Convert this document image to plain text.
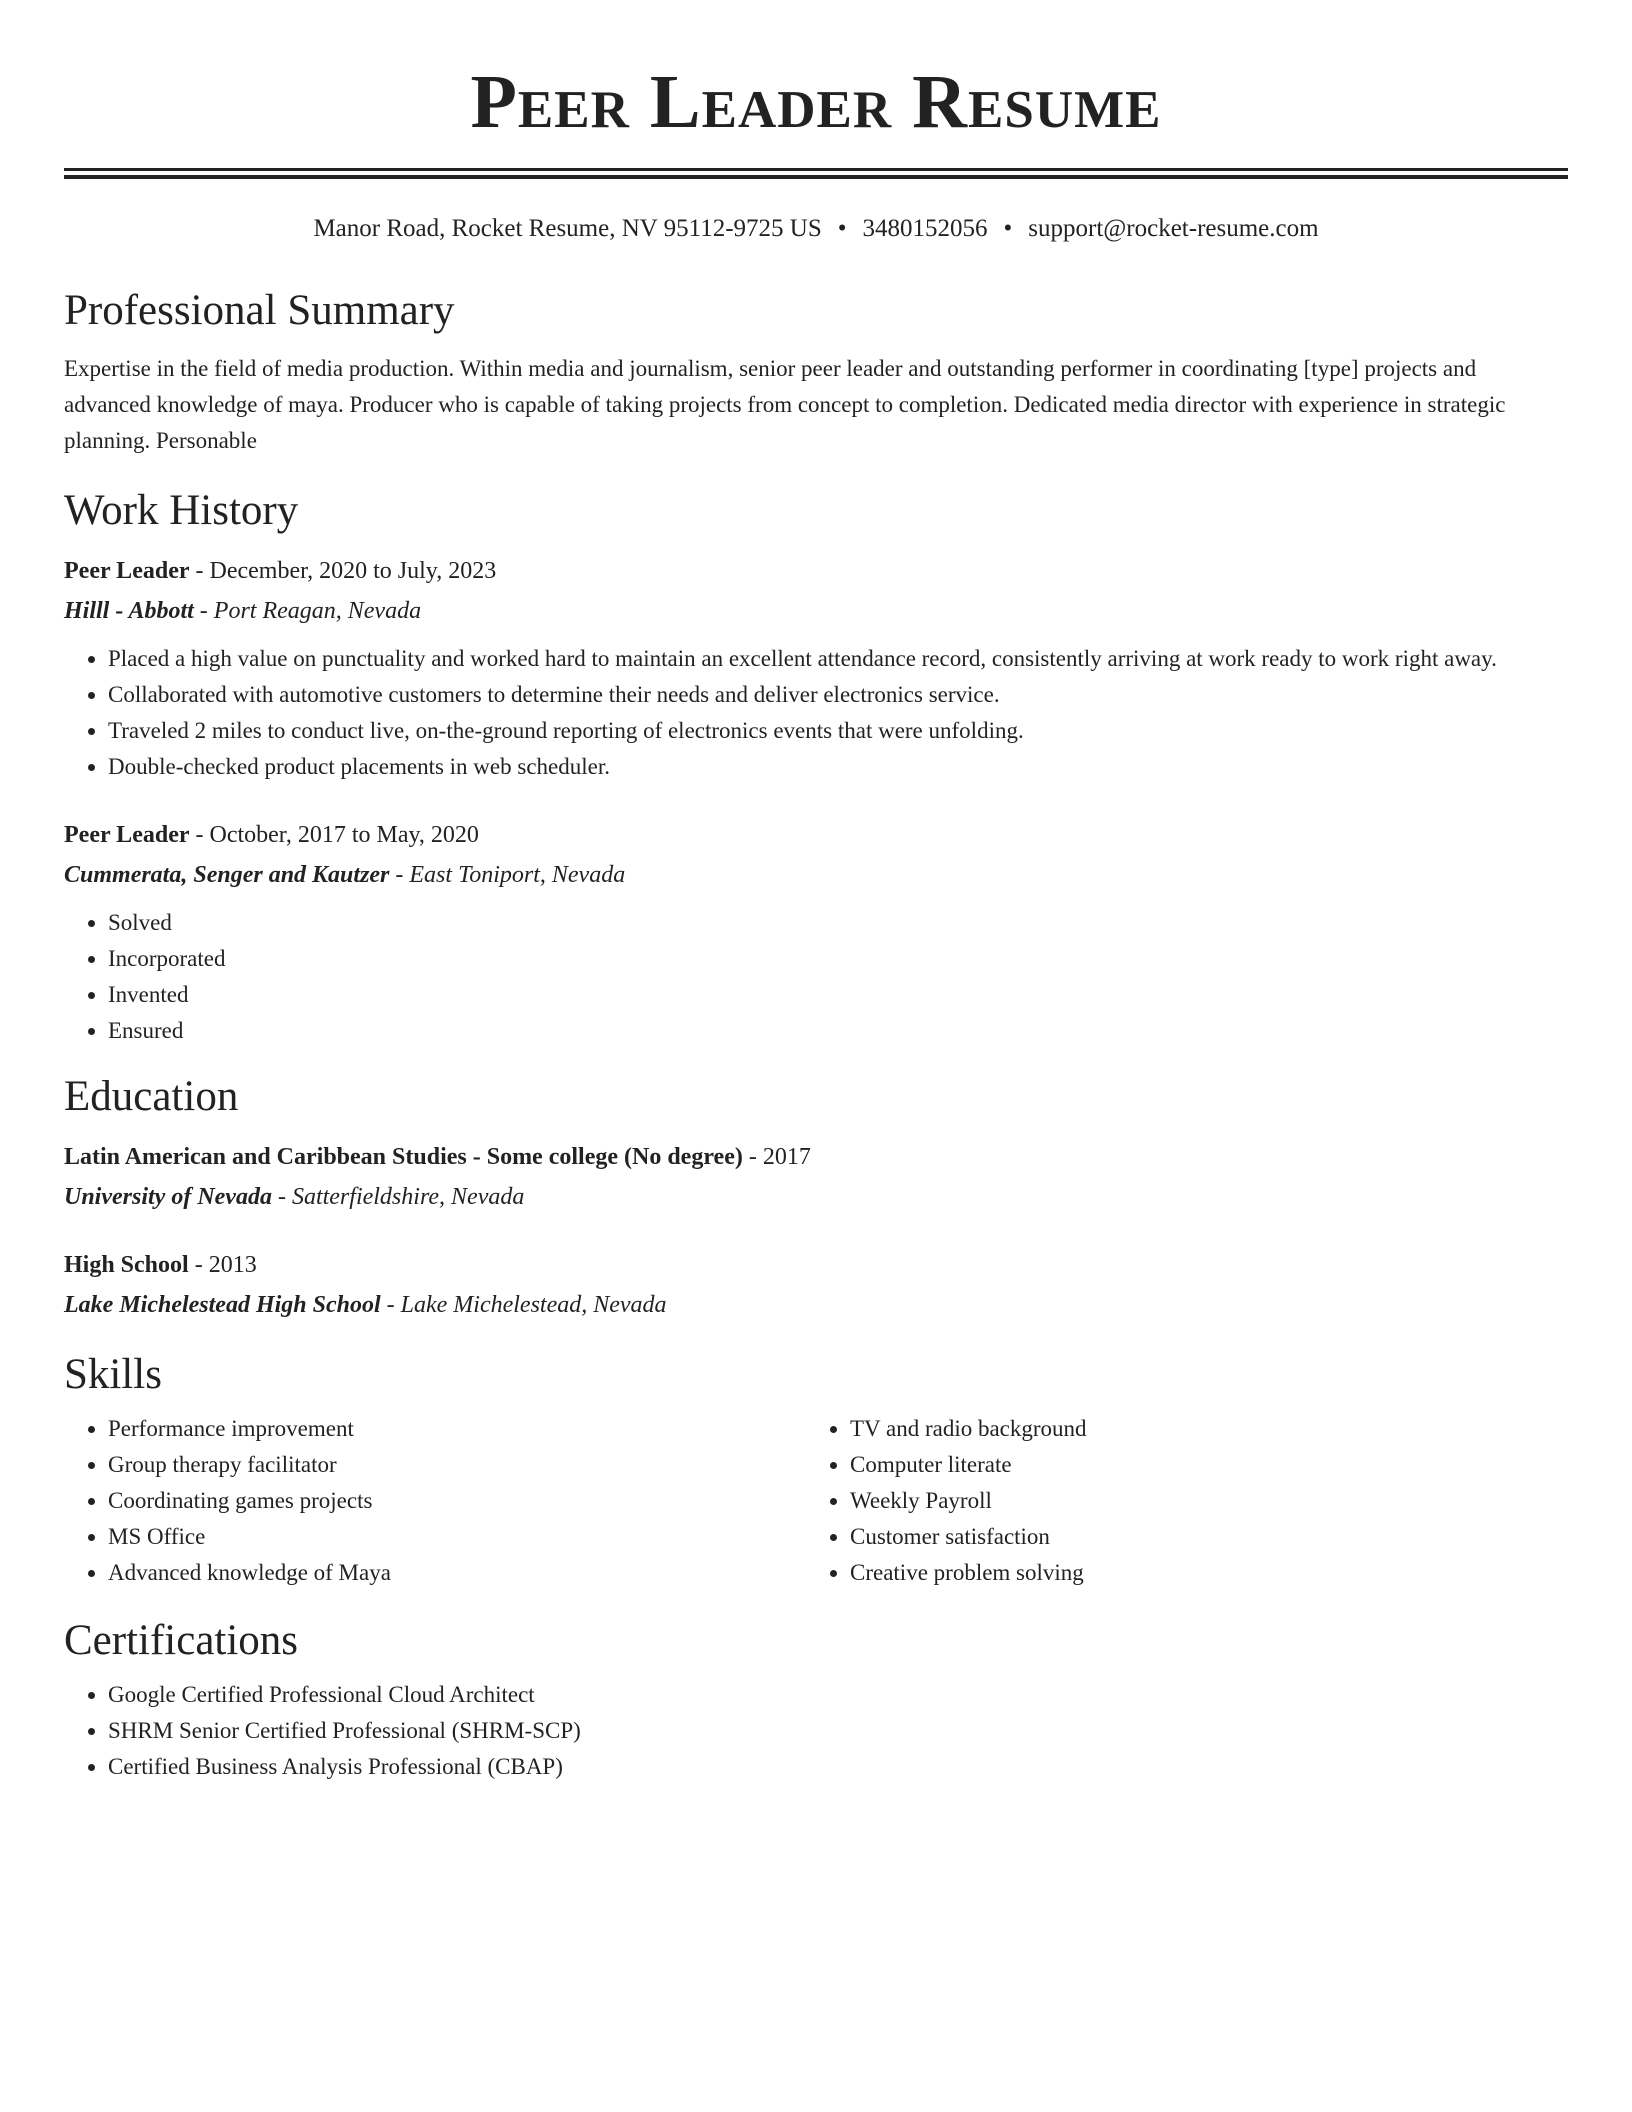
Peer Leader Resume
Manor Road, Rocket Resume, NV 95112-9725 US • 3480152056 • support@rocket-resume.com
Professional Summary
Expertise in the field of media production. Within media and journalism, senior peer leader and outstanding performer in coordinating [type] projects and advanced knowledge of maya. Producer who is capable of taking projects from concept to completion. Dedicated media director with experience in strategic planning. Personable
Work History
Peer Leader - December, 2020 to July, 2023
Hilll - Abbott - Port Reagan, Nevada
• Placed a high value on punctuality and worked hard to maintain an excellent attendance record, consistently arriving at work ready to work right away.
• Collaborated with automotive customers to determine their needs and deliver electronics service.
• Traveled 2 miles to conduct live, on-the-ground reporting of electronics events that were unfolding.
• Double-checked product placements in web scheduler.
Peer Leader - October, 2017 to May, 2020
Cummerata, Senger and Kautzer - East Toniport, Nevada
• Solved
• Incorporated
• Invented
• Ensured
Education
Latin American and Caribbean Studies - Some college (No degree) - 2017
University of Nevada - Satterfieldshire, Nevada
High School - 2013
Lake Michelestead High School - Lake Michelestead, Nevada
Skills
• Performance improvement
• Group therapy facilitator
• Coordinating games projects
• MS Office
• Advanced knowledge of Maya
• TV and radio background
• Computer literate
• Weekly Payroll
• Customer satisfaction
• Creative problem solving
Certifications
• Google Certified Professional Cloud Architect
• SHRM Senior Certified Professional (SHRM-SCP)
• Certified Business Analysis Professional (CBAP)
